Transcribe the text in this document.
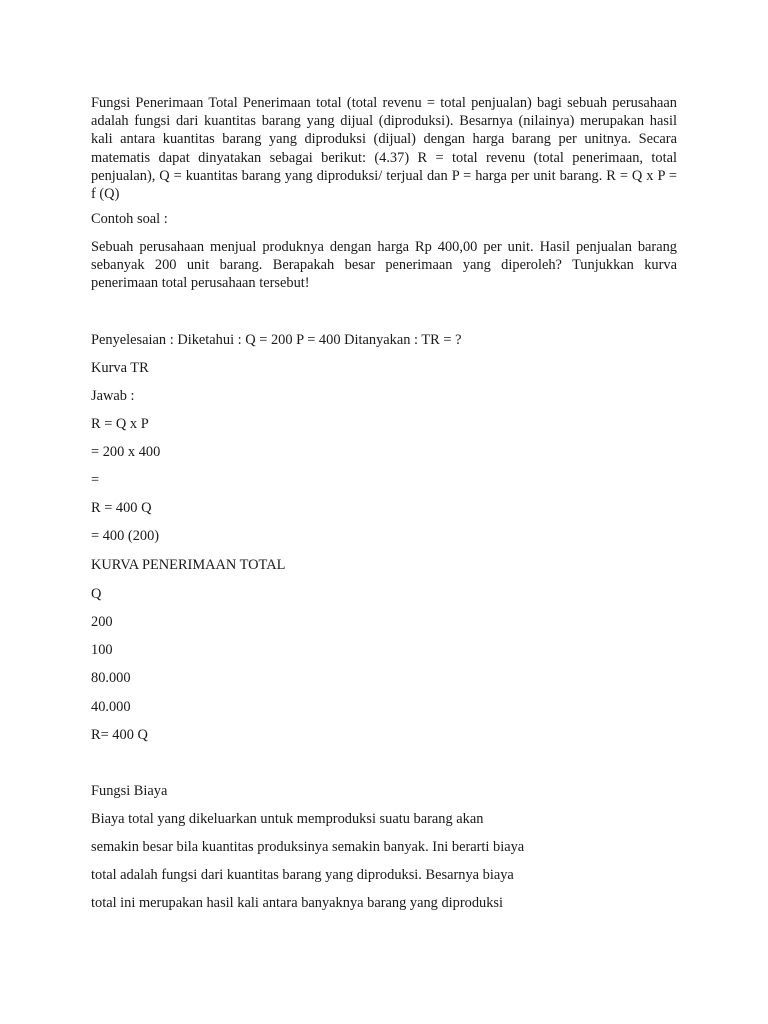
Fungsi Penerimaan Total Penerimaan total (total revenu = total penjualan) bagi sebuah perusahaan adalah fungsi dari kuantitas barang yang dijual (diproduksi). Besarnya (nilainya) merupakan hasil kali antara kuantitas barang yang diproduksi (dijual) dengan harga barang per unitnya. Secara matematis dapat dinyatakan sebagai berikut: (4.37) R = total revenu (total penerimaan, total penjualan), Q = kuantitas barang yang diproduksi/ terjual dan P = harga per unit barang. R = Q x P = f (Q)

Contoh soal :

Sebuah perusahaan menjual produknya dengan harga Rp 400,00 per unit. Hasil penjualan barang sebanyak 200 unit barang. Berapakah besar penerimaan yang diperoleh? Tunjukkan kurva penerimaan total perusahaan tersebut!

Penyelesaian : Diketahui : Q = 200 P = 400 Ditanyakan : TR = ?

Kurva TR

Jawab :

R = Q x P

= 200 x 400

=

R = 400 Q

= 400 (200)

KURVA PENERIMAAN TOTAL

Q

200

100

80.000

40.000

R= 400 Q

Fungsi Biaya

Biaya total yang dikeluarkan untuk memproduksi suatu barang akan

semakin besar bila kuantitas produksinya semakin banyak. Ini berarti biaya

total adalah fungsi dari kuantitas barang yang diproduksi. Besarnya biaya

total ini merupakan hasil kali antara banyaknya barang yang diproduksi
